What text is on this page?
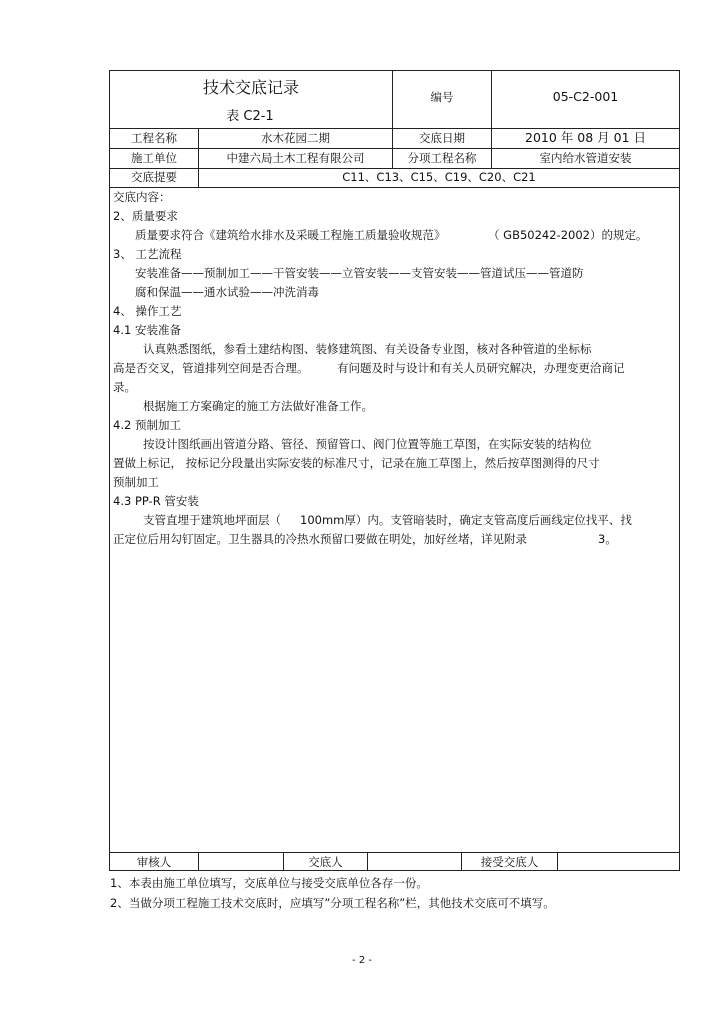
技术交底记录
表 C2-1
编号	05-C2-001
工程名称	水木花园二期	交底日期	2010 年 08 月 01 日
施工单位	中建六局土木工程有限公司	分项工程名称	室内给水管道安装
交底提要	C11、C13、C15、C19、C20、C21
交底内容：
2、质量要求
质量要求符合《建筑给水排水及采暖工程施工质量验收规范》	（ GB50242-2002）的规定。
3、 工艺流程
安装准备——预制加工——干管安装——立管安装——支管安装——管道试压——管道防
腐和保温——通水试验——冲洗消毒
4、 操作工艺
4.1 安装准备
认真熟悉图纸，参看土建结构图、装修建筑图、有关设备专业图，核对各种管道的坐标标
高是否交叉，管道排列空间是否合理。 有问题及时与设计和有关人员研究解决，办理变更洽商记
录。
根据施工方案确定的施工方法做好准备工作。
4.2 预制加工
按设计图纸画出管道分路、管径、预留管口、阀门位置等施工草图，在实际安装的结构位
置做上标记， 按标记分段量出实际安装的标准尺寸，记录在施工草图上，然后按草图测得的尺寸
预制加工
4.3 PP-R 管安装
支管直埋于建筑地坪面层（ 100mm厚）内。支管暗装时，确定支管高度后画线定位找平、找
正定位后用勾钉固定。卫生器具的冷热水预留口要做在明处，加好丝堵，详见附录	3。
审核人	交底人	接受交底人
1、本表由施工单位填写，交底单位与接受交底单位各存一份。
2、当做分项工程施工技术交底时，应填写”分项工程名称”栏，其他技术交底可不填写。
- 2 -
